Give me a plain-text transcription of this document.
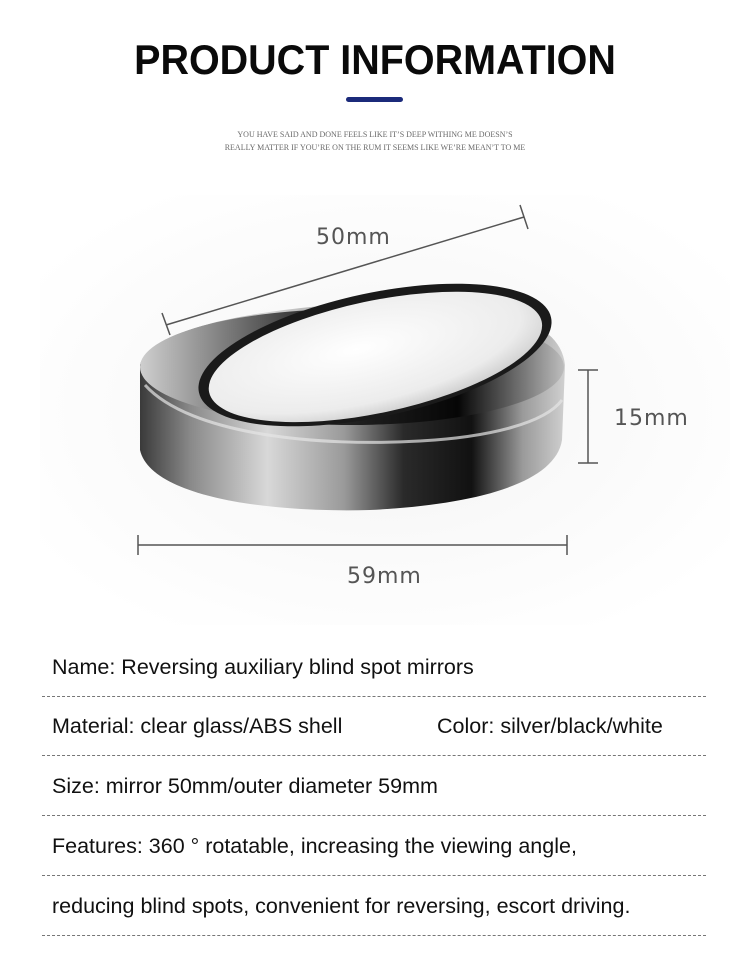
PRODUCT INFORMATION
YOU HAVE SAID AND DONE FEELS LIKE IT’S DEEP WITHING ME DOESN’S
REALLY MATTER IF YOU’RE ON THE RUM IT SEEMS LIKE WE’RE MEAN’T TO ME
50mm
15mm
59mm
Name: Reversing auxiliary blind spot mirrors
Material: clear glass/ABS shell	Color: silver/black/white
Size: mirror 50mm/outer diameter 59mm
Features: 360 ° rotatable, increasing the viewing angle,
reducing blind spots, convenient for reversing, escort driving.
